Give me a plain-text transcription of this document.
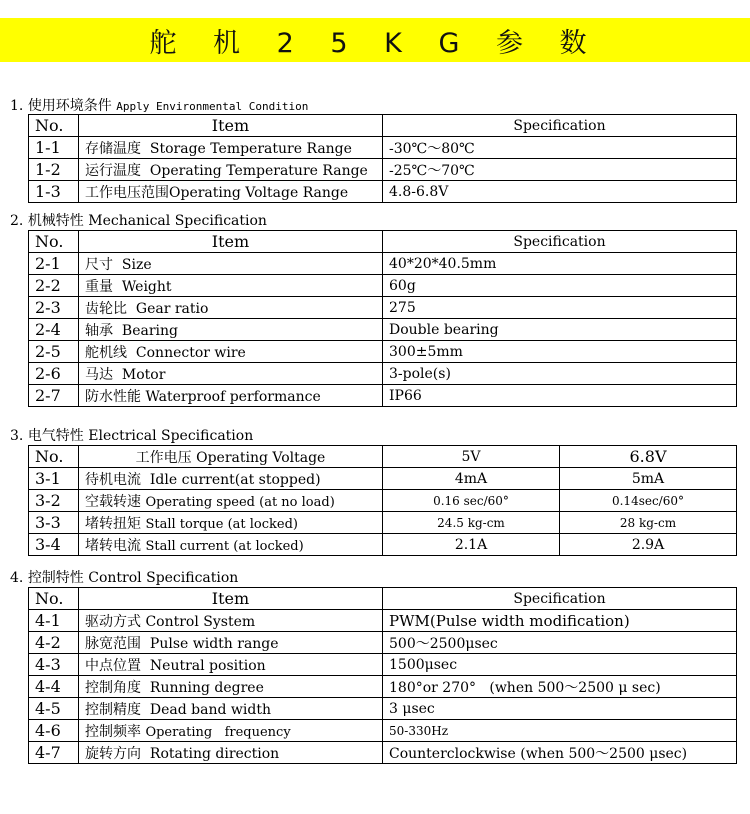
舵 机 2 5 K G 参 数
1. 使用环境条件 Apply Environmental Condition
No.	Item	Specification
1-1	存储温度 Storage Temperature Range	-30℃～80℃
1-2	运行温度 Operating Temperature Range	-25℃～70℃
1-3	工作电压范围Operating Voltage Range	4.8-6.8V
2. 机械特性 Mechanical Specification
No.	Item	Specification
2-1	尺寸 Size	40*20*40.5mm
2-2	重量 Weight	60g
2-3	齿轮比 Gear ratio	275
2-4	轴承 Bearing	Double bearing
2-5	舵机线 Connector wire	300±5mm
2-6	马达 Motor	3-pole(s)
2-7	防水性能 Waterproof performance	IP66
3. 电气特性 Electrical Specification
No.	工作电压 Operating Voltage	5V	6.8V
3-1	待机电流 Idle current(at stopped)	4mA	5mA
3-2	空载转速 Operating speed (at no load)	0.16 sec/60°	0.14sec/60°
3-3	堵转扭矩 Stall torque (at locked)	24.5 kg-cm	28 kg-cm
3-4	堵转电流 Stall current (at locked)	2.1A	2.9A
4. 控制特性 Control Specification
No.	Item	Specification
4-1	驱动方式 Control System	PWM(Pulse width modification)
4-2	脉宽范围 Pulse width range	500～2500μsec
4-3	中点位置 Neutral position	1500μsec
4-4	控制角度 Running degree	180°or 270°   (when 500～2500 μ sec)
4-5	控制精度 Dead band width	3 μsec
4-6	控制频率 Operating   frequency	50-330Hz
4-7	旋转方向 Rotating direction	Counterclockwise (when 500～2500 μsec)
